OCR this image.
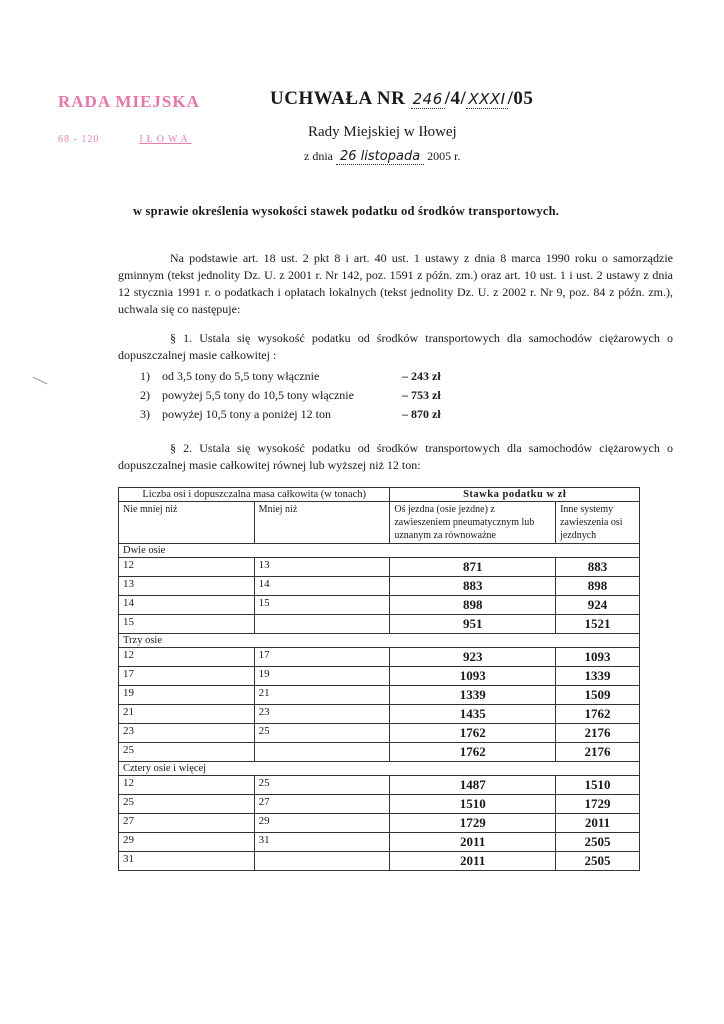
RADA MIEJSKA
68 - 120	IŁOWA
UCHWAŁA NR 246 /4/ XXXI /05
Rady Miejskiej w Iłowej
z dnia 26 listopada 2005 r.
w sprawie określenia wysokości stawek podatku od środków transportowych.
Na podstawie art. 18 ust. 2 pkt 8 i art. 40 ust. 1 ustawy z dnia 8 marca 1990 roku o samorządzie gminnym (tekst jednolity Dz. U. z 2001 r. Nr 142, poz. 1591 z późn. zm.) oraz art. 10 ust. 1 i ust. 2 ustawy z dnia 12 stycznia 1991 r. o podatkach i opłatach lokalnych (tekst jednolity Dz. U. z 2002 r. Nr 9, poz. 84 z późn. zm.), uchwala się co następuje:
§ 1. Ustala się wysokość podatku od środków transportowych dla samochodów ciężarowych o dopuszczalnej masie całkowitej :
1)	od 3,5 tony do 5,5 tony włącznie	– 243 zł
2)	powyżej 5,5 tony do 10,5 tony włącznie	– 753 zł
3)	powyżej 10,5 tony a poniżej 12 ton	– 870 zł
§ 2. Ustala się wysokość podatku od środków transportowych dla samochodów ciężarowych o dopuszczalnej masie całkowitej równej lub wyższej niż 12 ton:
Liczba osi i dopuszczalna masa całkowita (w tonach)		Stawka podatku w zł	
Nie mniej niż	Mniej niż	Oś jezdna (osie jezdne) z zawieszeniem pneumatycznym lub uznanym za równoważne	Inne systemy zawieszenia osi jezdnych
Dwie osie			
12	13	871	883
13	14	883	898
14	15	898	924
15		951	1521
Trzy osie			
12	17	923	1093
17	19	1093	1339
19	21	1339	1509
21	23	1435	1762
23	25	1762	2176
25		1762	2176
Cztery osie i więcej			
12	25	1487	1510
25	27	1510	1729
27	29	1729	2011
29	31	2011	2505
31		2011	2505
